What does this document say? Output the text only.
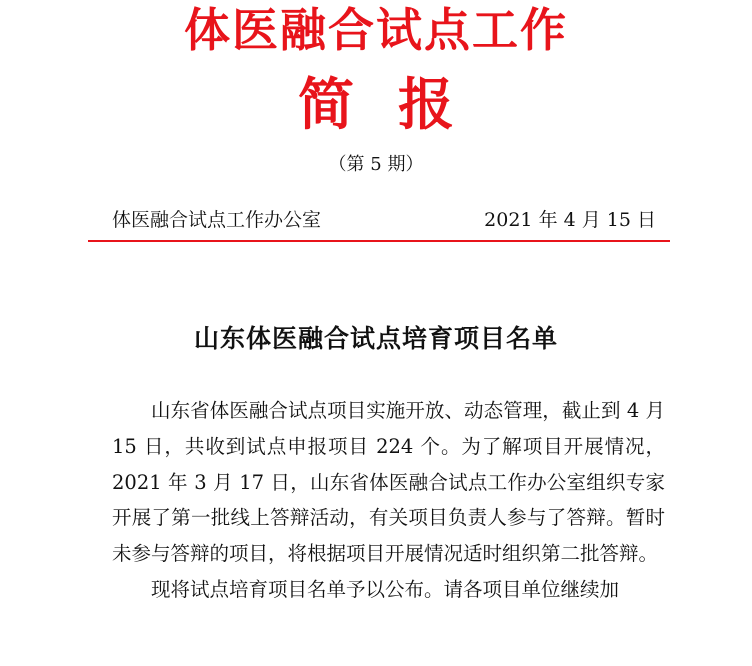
体医融合试点工作
简报
（第 5 期）
体医融合试点工作办公室	2021 年 4 月 15 日
山东体医融合试点培育项目名单

山东省体医融合试点项目实施开放、动态管理，截止到 4 月 15 日，共收到试点申报项目 224 个。为了解项目开展情况，2021 年 3 月 17 日，山东省体医融合试点工作办公室组织专家开展了第一批线上答辩活动，有关项目负责人参与了答辩。暂时未参与答辩的项目，将根据项目开展情况适时组织第二批答辩。

现将试点培育项目名单予以公布。请各项目单位继续加
